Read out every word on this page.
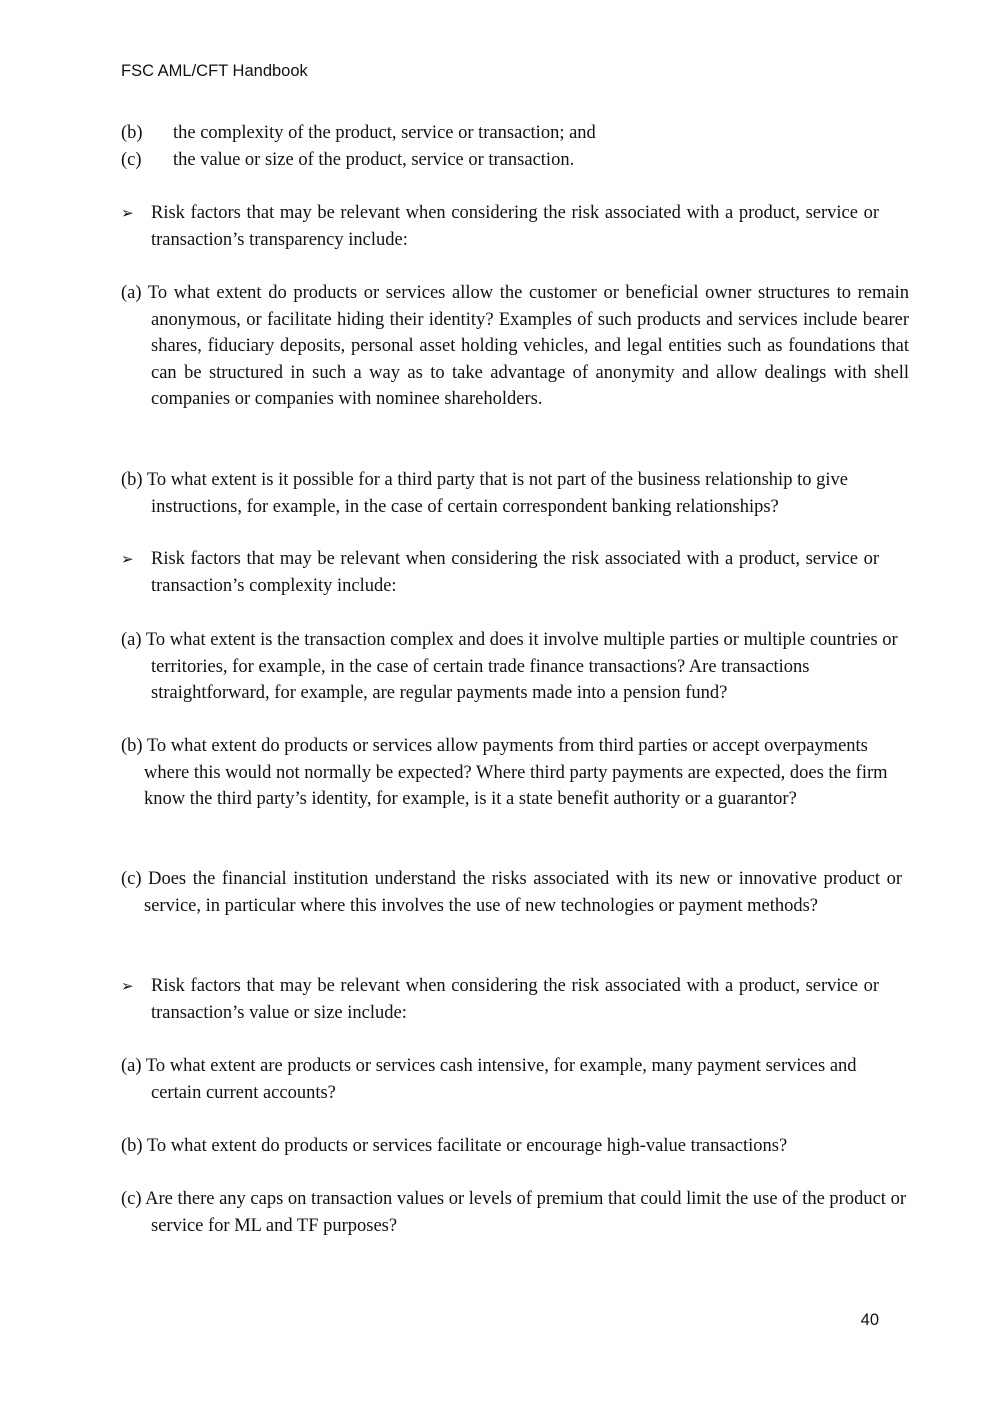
FSC AML/CFT Handbook
(b)	the complexity of the product, service or transaction; and
(c)	the value or size of the product, service or transaction.
➢ Risk factors that may be relevant when considering the risk associated with a product, service or transaction’s transparency include:
(a) To what extent do products or services allow the customer or beneficial owner structures to remain anonymous, or facilitate hiding their identity? Examples of such products and services include bearer shares, fiduciary deposits, personal asset holding vehicles, and legal entities such as foundations that can be structured in such a way as to take advantage of anonymity and allow dealings with shell companies or companies with nominee shareholders.
(b) To what extent is it possible for a third party that is not part of the business relationship to give instructions, for example, in the case of certain correspondent banking relationships?
➢ Risk factors that may be relevant when considering the risk associated with a product, service or transaction’s complexity include:
(a) To what extent is the transaction complex and does it involve multiple parties or multiple countries or territories, for example, in the case of certain trade finance transactions? Are transactions straightforward, for example, are regular payments made into a pension fund?
(b) To what extent do products or services allow payments from third parties or accept overpayments where this would not normally be expected? Where third party payments are expected, does the firm know the third party’s identity, for example, is it a state benefit authority or a guarantor?
(c) Does the financial institution understand the risks associated with its new or innovative product or service, in particular where this involves the use of new technologies or payment methods?
➢ Risk factors that may be relevant when considering the risk associated with a product, service or transaction’s value or size include:
(a) To what extent are products or services cash intensive, for example, many payment services and certain current accounts?
(b) To what extent do products or services facilitate or encourage high-value transactions?
(c) Are there any caps on transaction values or levels of premium that could limit the use of the product or service for ML and TF purposes?
40
